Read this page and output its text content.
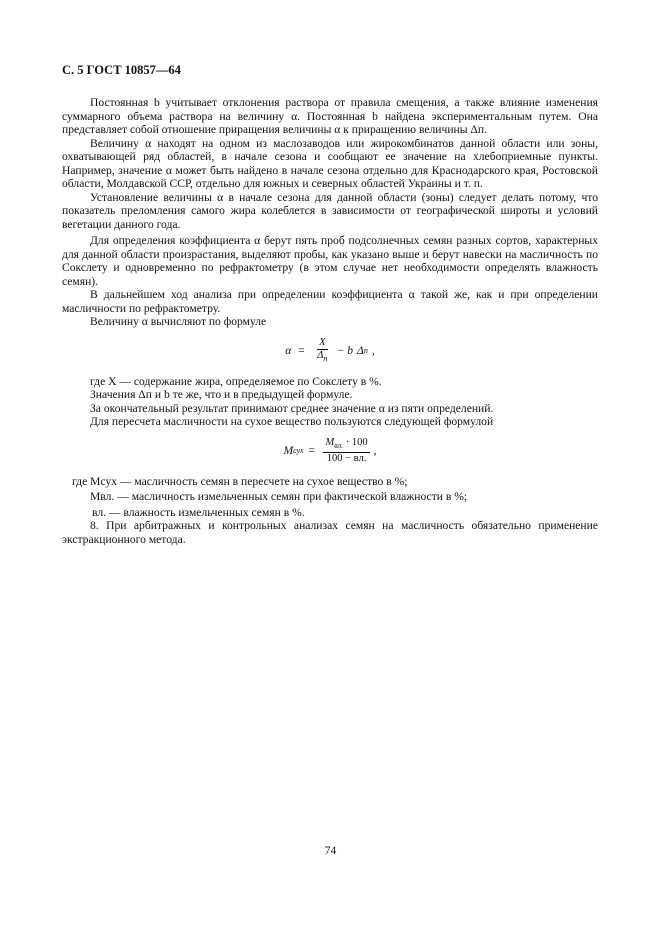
С. 5 ГОСТ 10857—64

Постоянная b учитывает отклонения раствора от правила смещения, а также влияние изменения суммарного объема раствора на величину α. Постоянная b найдена экспериментальным путем. Она представляет собой отношение приращения величины α к приращению величины Δп.

Величину α находят на одном из маслозаводов или жирокомбинатов данной области или зоны, охватывающей ряд областей, в начале сезона и сообщают ее значение на хлебоприемные пункты. Например, значение α может быть найдено в начале сезона отдельно для Краснодарского края, Ростовской области, Молдавской ССР, отдельно для южных и северных областей Украины и т. п.

Установление величины α в начале сезона для данной области (зоны) следует делать потому, что показатель преломления самого жира колеблется в зависимости от географической широты и условий вегетации данного года.

Для определения коэффициента α берут пять проб подсолнечных семян разных сортов, характерных для данной области произрастания, выделяют пробы, как указано выше и берут навески на масличность по Сокслету и одновременно по рефрактометру (в этом случае нет необходимости определять влажность семян).

В дальнейшем ход анализа при определении коэффициента α такой же, как и при определении масличности по рефрактометру.

Величину α вычисляют по формуле

$\alpha = \frac{X}{\Delta_п} - b$ Δ п ,

где X — содержание жира, определяемое по Сокслету в %.

Значения Δп и b те же, что и в предыдущей формуле.

За окончательный результат принимают среднее значение α из пяти определений.

Для пересчета масличности на сухое вещество пользуются следующей формулой

M сух = $\frac{M_{вл.} \cdot 100}{100 - вл.}$ ,

где Mсух — масличность семян в пересчете на сухое вещество в %;

Mвл. — масличность измельченных семян при фактической влажности в %;

вл. — влажность измельченных семян в %.

8. При арбитражных и контрольных анализах семян на масличность обязательно применение экстракционного метода.

74
